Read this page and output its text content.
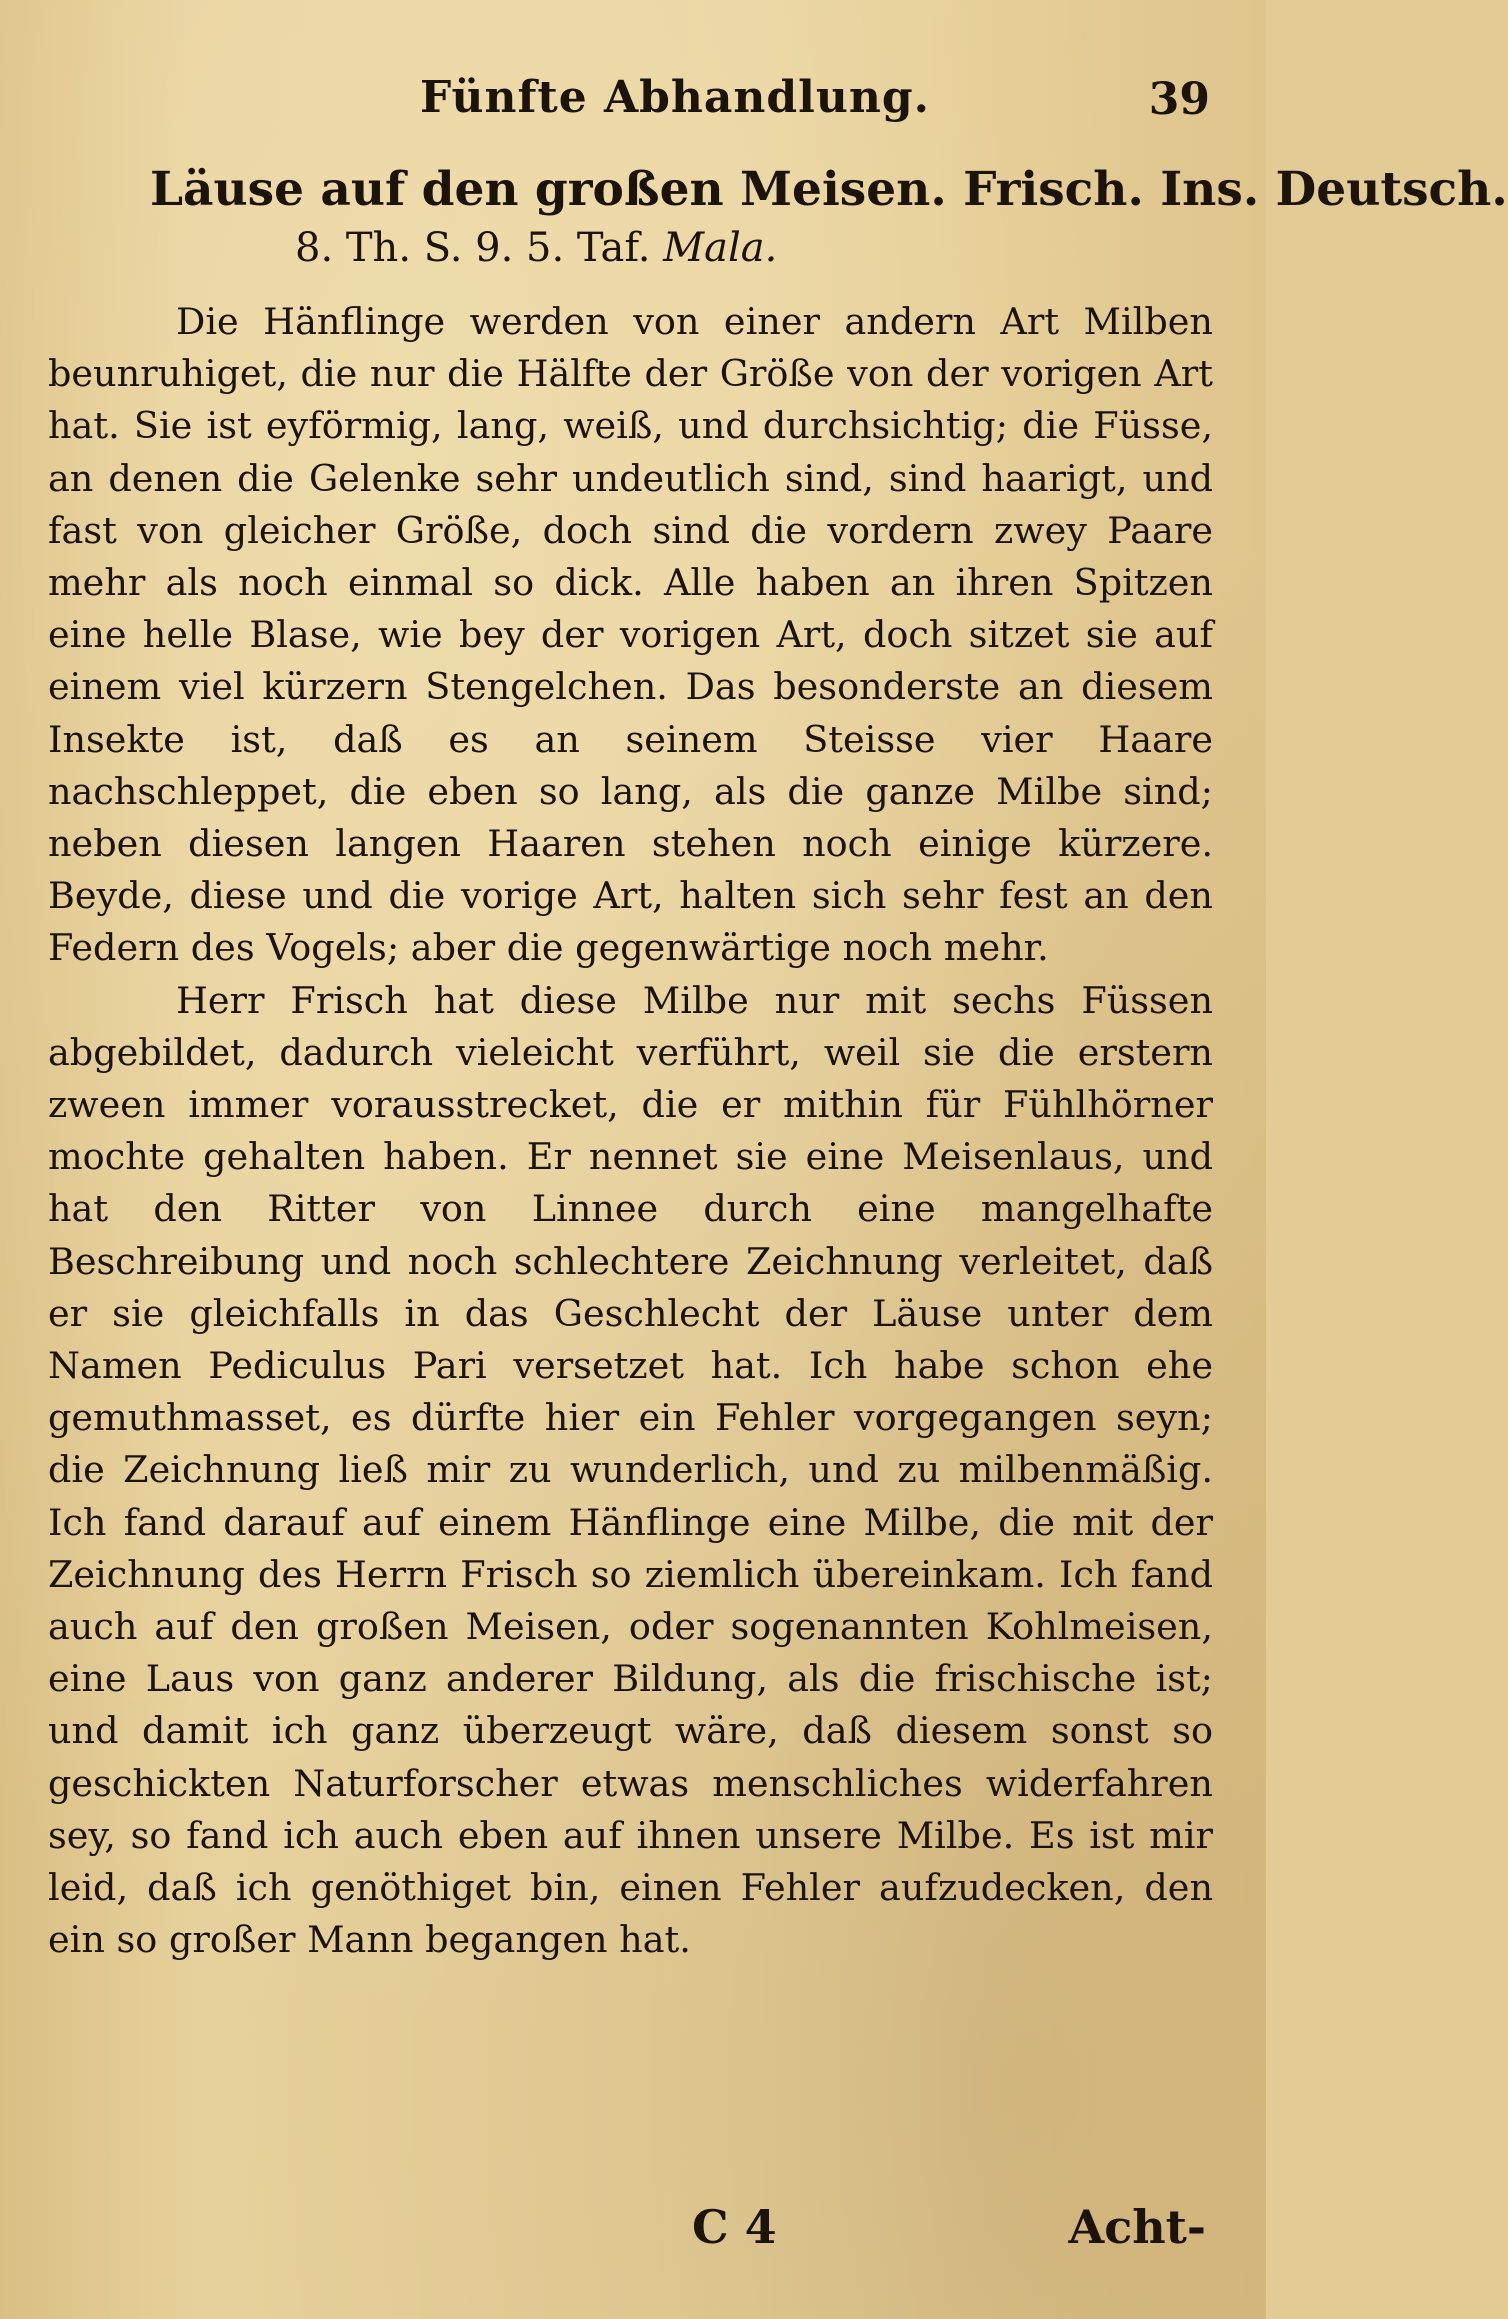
Fünfte Abhandlung.	39
Läuse auf den großen Meisen. Frisch. Ins. Deutsch.
8. Th. S. 9. 5. Taf. Mala.

Die Hänflinge werden von einer andern Art Milben beunruhiget, die nur die Hälfte der Größe von der vorigen Art hat. Sie ist eyförmig, lang, weiß, und durchsichtig; die Füsse, an denen die Gelenke sehr undeutlich sind, sind haarigt, und fast von gleicher Größe, doch sind die vordern zwey Paare mehr als noch einmal so dick. Alle haben an ihren Spitzen eine helle Blase, wie bey der vorigen Art, doch sitzet sie auf einem viel kürzern Stengelchen. Das besonderste an diesem Insekte ist, daß es an seinem Steisse vier Haare nachschleppet, die eben so lang, als die ganze Milbe sind; neben diesen langen Haaren stehen noch einige kürzere. Beyde, diese und die vorige Art, halten sich sehr fest an den Federn des Vogels; aber die gegenwärtige noch mehr.

Herr Frisch hat diese Milbe nur mit sechs Füssen abgebildet, dadurch vieleicht verführt, weil sie die erstern zween immer vorausstrecket, die er mithin für Fühlhörner mochte gehalten haben. Er nennet sie eine Meisenlaus, und hat den Ritter von Linnee durch eine mangelhafte Beschreibung und noch schlechtere Zeichnung verleitet, daß er sie gleichfalls in das Geschlecht der Läuse unter dem Namen Pediculus Pari versetzet hat. Ich habe schon ehe gemuthmasset, es dürfte hier ein Fehler vorgegangen seyn; die Zeichnung ließ mir zu wunderlich, und zu milbenmäßig. Ich fand darauf auf einem Hänflinge eine Milbe, die mit der Zeichnung des Herrn Frisch so ziemlich übereinkam. Ich fand auch auf den großen Meisen, oder sogenannten Kohlmeisen, eine Laus von ganz anderer Bildung, als die frischische ist; und damit ich ganz überzeugt wäre, daß diesem sonst so geschickten Naturforscher etwas menschliches widerfahren sey, so fand ich auch eben auf ihnen unsere Milbe. Es ist mir leid, daß ich genöthiget bin, einen Fehler aufzudecken, den ein so großer Mann begangen hat.

C 4	Acht-
